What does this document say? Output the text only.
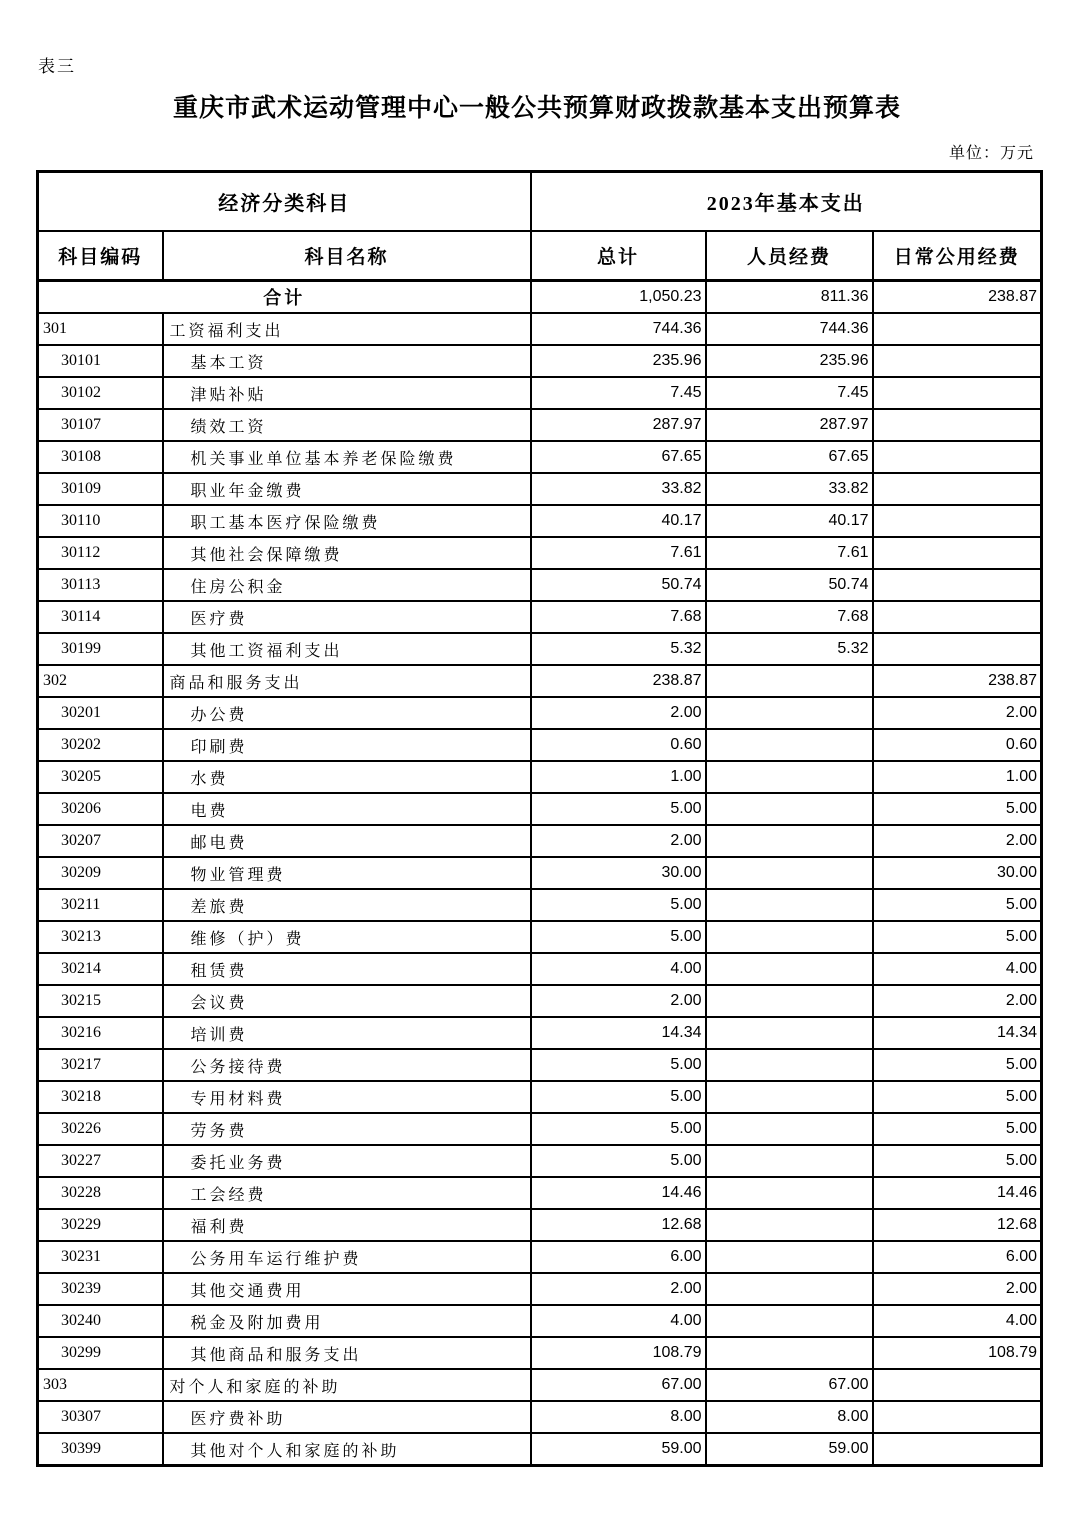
表三
重庆市武术运动管理中心一般公共预算财政拨款基本支出预算表
单位：万元
经济分类科目		2023年基本支出		
科目编码	科目名称	总计	人员经费	日常公用经费
合计		1,050.23	811.36	238.87
301	工资福利支出	744.36	744.36	
30101	基本工资	235.96	235.96	
30102	津贴补贴	7.45	7.45	
30107	绩效工资	287.97	287.97	
30108	机关事业单位基本养老保险缴费	67.65	67.65	
30109	职业年金缴费	33.82	33.82	
30110	职工基本医疗保险缴费	40.17	40.17	
30112	其他社会保障缴费	7.61	7.61	
30113	住房公积金	50.74	50.74	
30114	医疗费	7.68	7.68	
30199	其他工资福利支出	5.32	5.32	
302	商品和服务支出	238.87		238.87
30201	办公费	2.00		2.00
30202	印刷费	0.60		0.60
30205	水费	1.00		1.00
30206	电费	5.00		5.00
30207	邮电费	2.00		2.00
30209	物业管理费	30.00		30.00
30211	差旅费	5.00		5.00
30213	维修（护）费	5.00		5.00
30214	租赁费	4.00		4.00
30215	会议费	2.00		2.00
30216	培训费	14.34		14.34
30217	公务接待费	5.00		5.00
30218	专用材料费	5.00		5.00
30226	劳务费	5.00		5.00
30227	委托业务费	5.00		5.00
30228	工会经费	14.46		14.46
30229	福利费	12.68		12.68
30231	公务用车运行维护费	6.00		6.00
30239	其他交通费用	2.00		2.00
30240	税金及附加费用	4.00		4.00
30299	其他商品和服务支出	108.79		108.79
303	对个人和家庭的补助	67.00	67.00	
30307	医疗费补助	8.00	8.00	
30399	其他对个人和家庭的补助	59.00	59.00	
